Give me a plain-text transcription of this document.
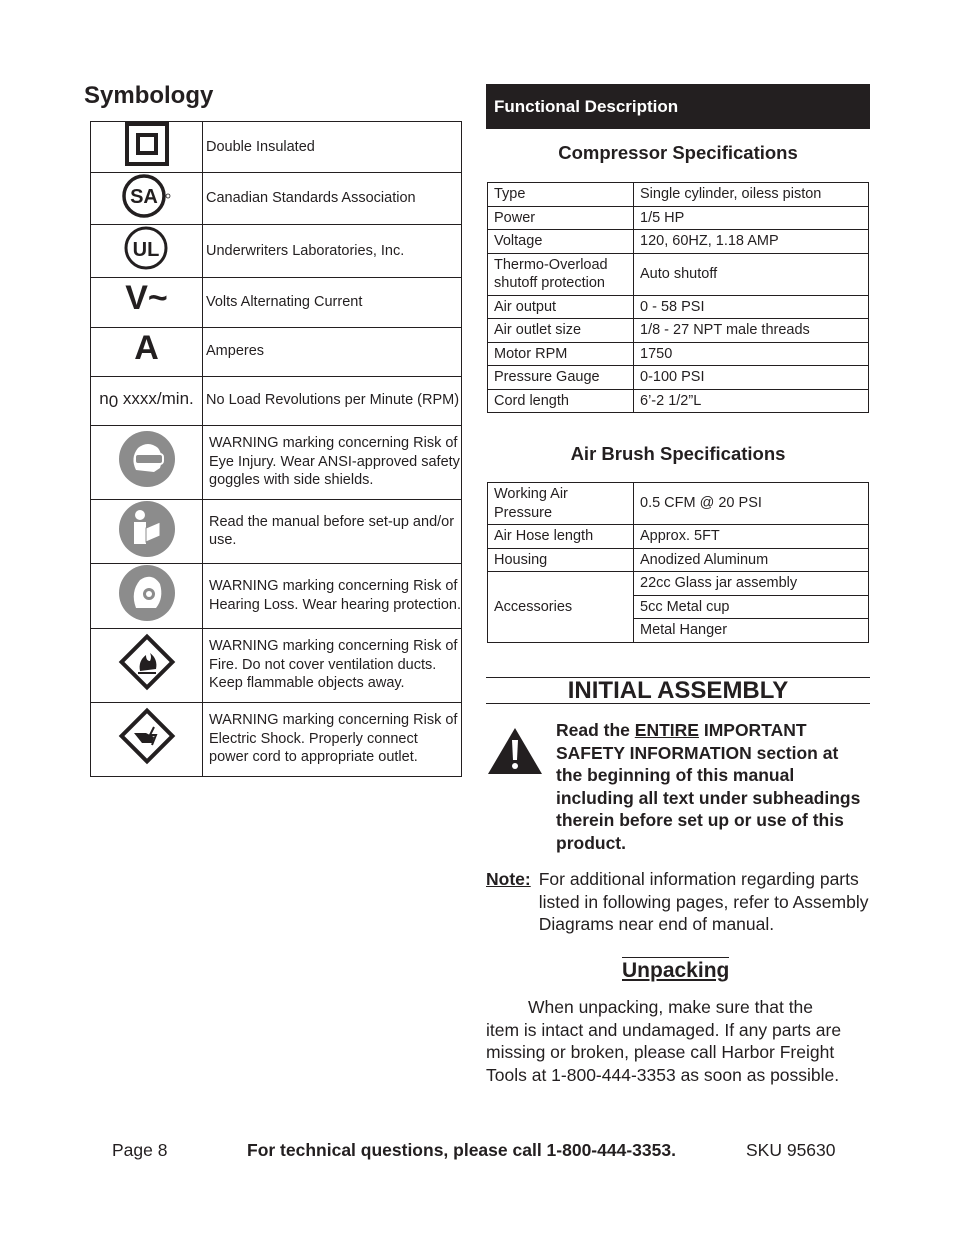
Symbology
	Double Insulated

SA	Canadian Standards Association

UL	Underwriters Laboratories, Inc.
V~	Volts Alternating Current
A	Amperes
$n_0$ xxxx/min.	No Load Revolutions per Minute (RPM)
	WARNING marking concerning Risk of Eye Injury. Wear ANSI-approved safety goggles with side shields.
	Read the manual before set-up and/or use.
	WARNING marking concerning Risk of Hearing Loss. Wear hearing protection.
	WARNING marking concerning Risk of Fire. Do not cover ventilation ducts. Keep flammable objects away.
	WARNING marking concerning Risk of Electric Shock. Properly connect power cord to appropriate outlet.
Functional Description
Compressor Specifications
Type	Single cylinder, oiless piston
Power	1/5 HP
Voltage	120, 60HZ, 1.18 AMP
Thermo-Overload shutoff protection	Auto shutoff
Air output	0 - 58 PSI
Air outlet size	1/8 - 27 NPT male threads
Motor RPM	1750
Pressure Gauge	0-100 PSI
Cord length	6’-2 1/2”L
Air Brush Specifications
Working Air Pressure	0.5 CFM @ 20 PSI
Air Hose length	Approx. 5FT
Housing	Anodized Aluminum
Accessories	22cc Glass jar assembly
	5cc Metal cup
	Metal Hanger
INITIAL ASSEMBLY
Read the ENTIRE IMPORTANT SAFETY INFORMATION section at the beginning of this manual including all text under subheadings therein before set up or use of this product.
Note: For additional information regarding parts listed in following pages, refer to Assembly Diagrams near end of manual.
Unpacking
When unpacking, make sure that the item is intact and undamaged. If any parts are missing or broken, please call Harbor Freight Tools at 1-800-444-3353 as soon as possible.
Page 8	For technical questions, please call 1-800-444-3353.	SKU 95630
